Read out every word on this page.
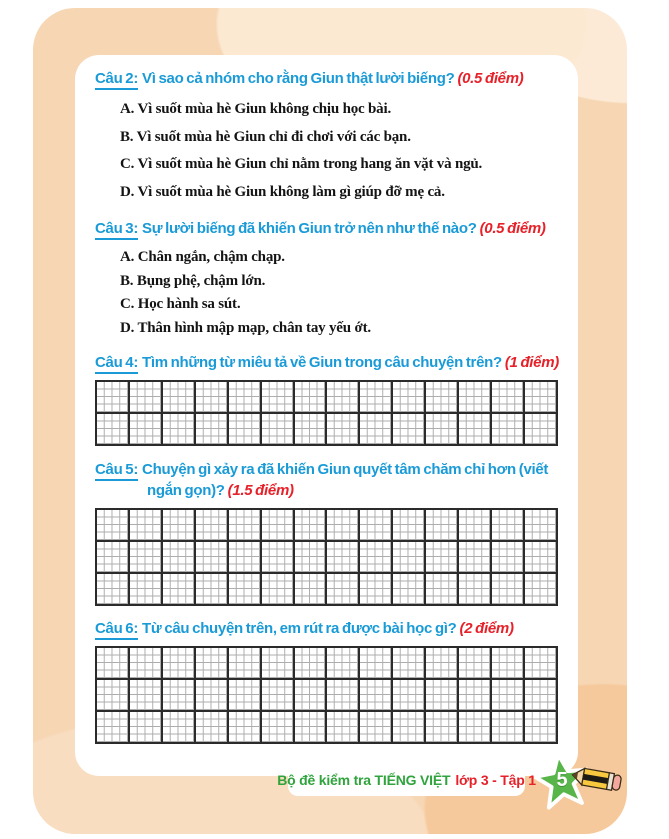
Câu 2: Vì sao cả nhóm cho rằng Giun thật lười biếng? (0.5 điểm)
A. Vì suốt mùa hè Giun không chịu học bài.
B. Vì suốt mùa hè Giun chỉ đi chơi với các bạn.
C. Vì suốt mùa hè Giun chỉ nằm trong hang ăn vặt và ngủ.
D. Vì suốt mùa hè Giun không làm gì giúp đỡ mẹ cả.
Câu 3: Sự lười biếng đã khiến Giun trở nên như thế nào? (0.5 điểm)
A. Chân ngắn, chậm chạp.
B. Bụng phệ, chậm lớn.
C. Học hành sa sút.
D. Thân hình mập mạp, chân tay yếu ớt.
Câu 4: Tìm những từ miêu tả về Giun trong câu chuyện trên? (1 điểm)
Câu 5: Chuyện gì xảy ra đã khiến Giun quyết tâm chăm chỉ hơn (viết ngắn gọn)? (1.5 điểm)
Câu 6: Từ câu chuyện trên, em rút ra được bài học gì? (2 điểm)
Bộ đề kiểm tra TIẾNG VIỆT lớp 3 - Tập 1	5
